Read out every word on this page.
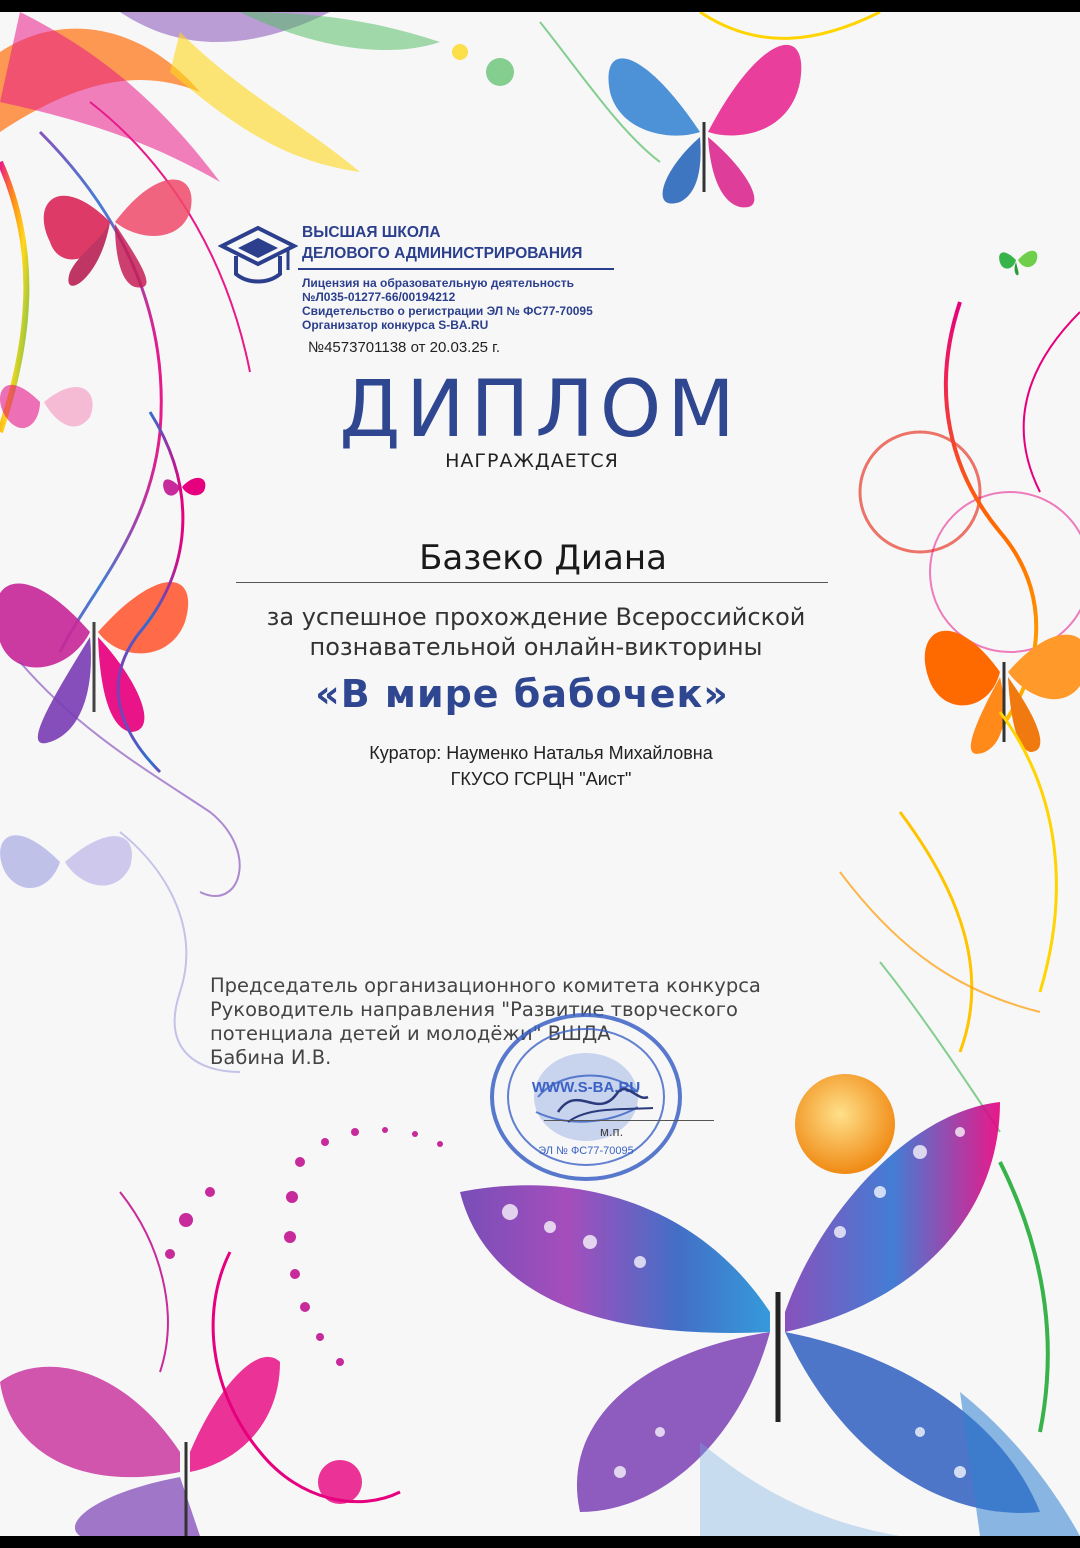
ВЫСШАЯ ШКОЛА
ДЕЛОВОГО АДМИНИСТРИРОВАНИЯ
Лицензия на образовательную деятельность
№Л035-01277-66/00194212
Свидетельство о регистрации ЭЛ № ФС77-70095
Организатор конкурса S-BA.RU
№4573701138 от 20.03.25 г.
ДИПЛОМ
НАГРАЖДАЕТСЯ
Базеко Диана
за успешное прохождение Всероссийской
познавательной онлайн-викторины
«В мире бабочек»
Куратор: Науменко Наталья Михайловна
ГКУСО ГСРЦН "Аист"
Председатель организационного комитета конкурса
Руководитель направления "Развитие творческого
потенциала детей и молодёжи" ВШДА
Бабина И.В.
WWW.S-BA.RU
ЭЛ № ФС77-70095
м.п.
